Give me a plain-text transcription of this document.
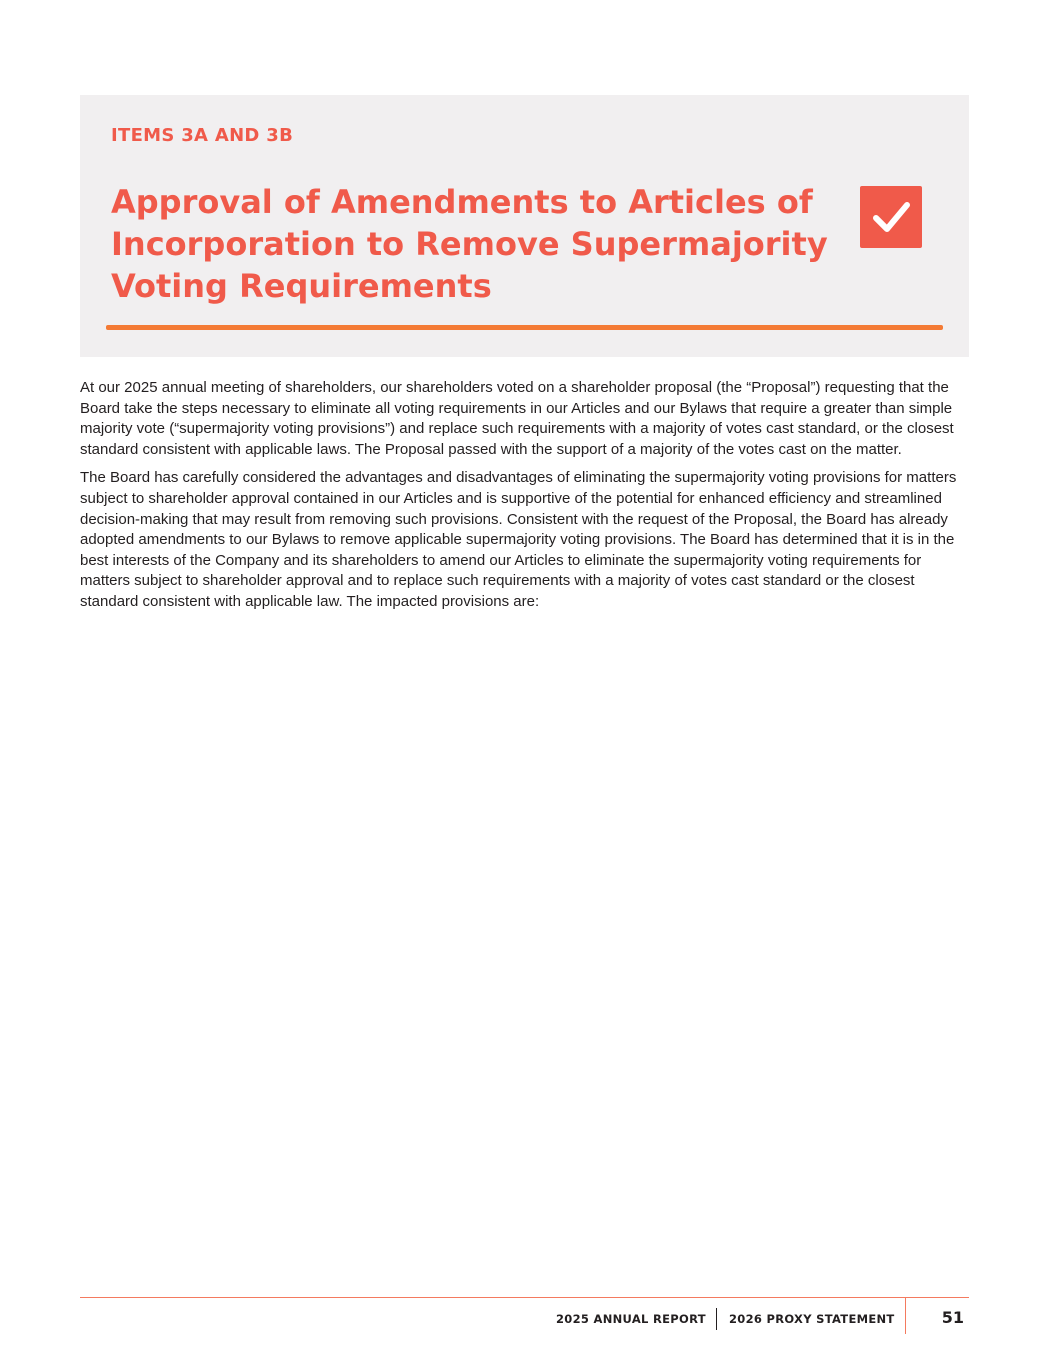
ITEMS 3A AND 3B
Approval of Amendments to Articles of Incorporation to Remove Supermajority Voting Requirements

At our 2025 annual meeting of shareholders, our shareholders voted on a shareholder proposal (the “Proposal”) requesting that the Board take the steps necessary to eliminate all voting requirements in our Articles and our Bylaws that require a greater than simple majority vote (“supermajority voting provisions”) and replace such requirements with a majority of votes cast standard, or the closest standard consistent with applicable laws. The Proposal passed with the support of a majority of the votes cast on the matter.

The Board has carefully considered the advantages and disadvantages of eliminating the supermajority voting provisions for matters subject to shareholder approval contained in our Articles and is supportive of the potential for enhanced efficiency and streamlined decision-making that may result from removing such provisions. Consistent with the request of the Proposal, the Board has already adopted amendments to our Bylaws to remove applicable supermajority voting provisions. The Board has determined that it is in the best interests of the Company and its shareholders to amend our Articles to eliminate the supermajority voting requirements for matters subject to shareholder approval and to replace such requirements with a majority of votes cast standard or the closest standard consistent with applicable law. The impacted provisions are:

2025 ANNUAL REPORT 2026 PROXY STATEMENT	51
